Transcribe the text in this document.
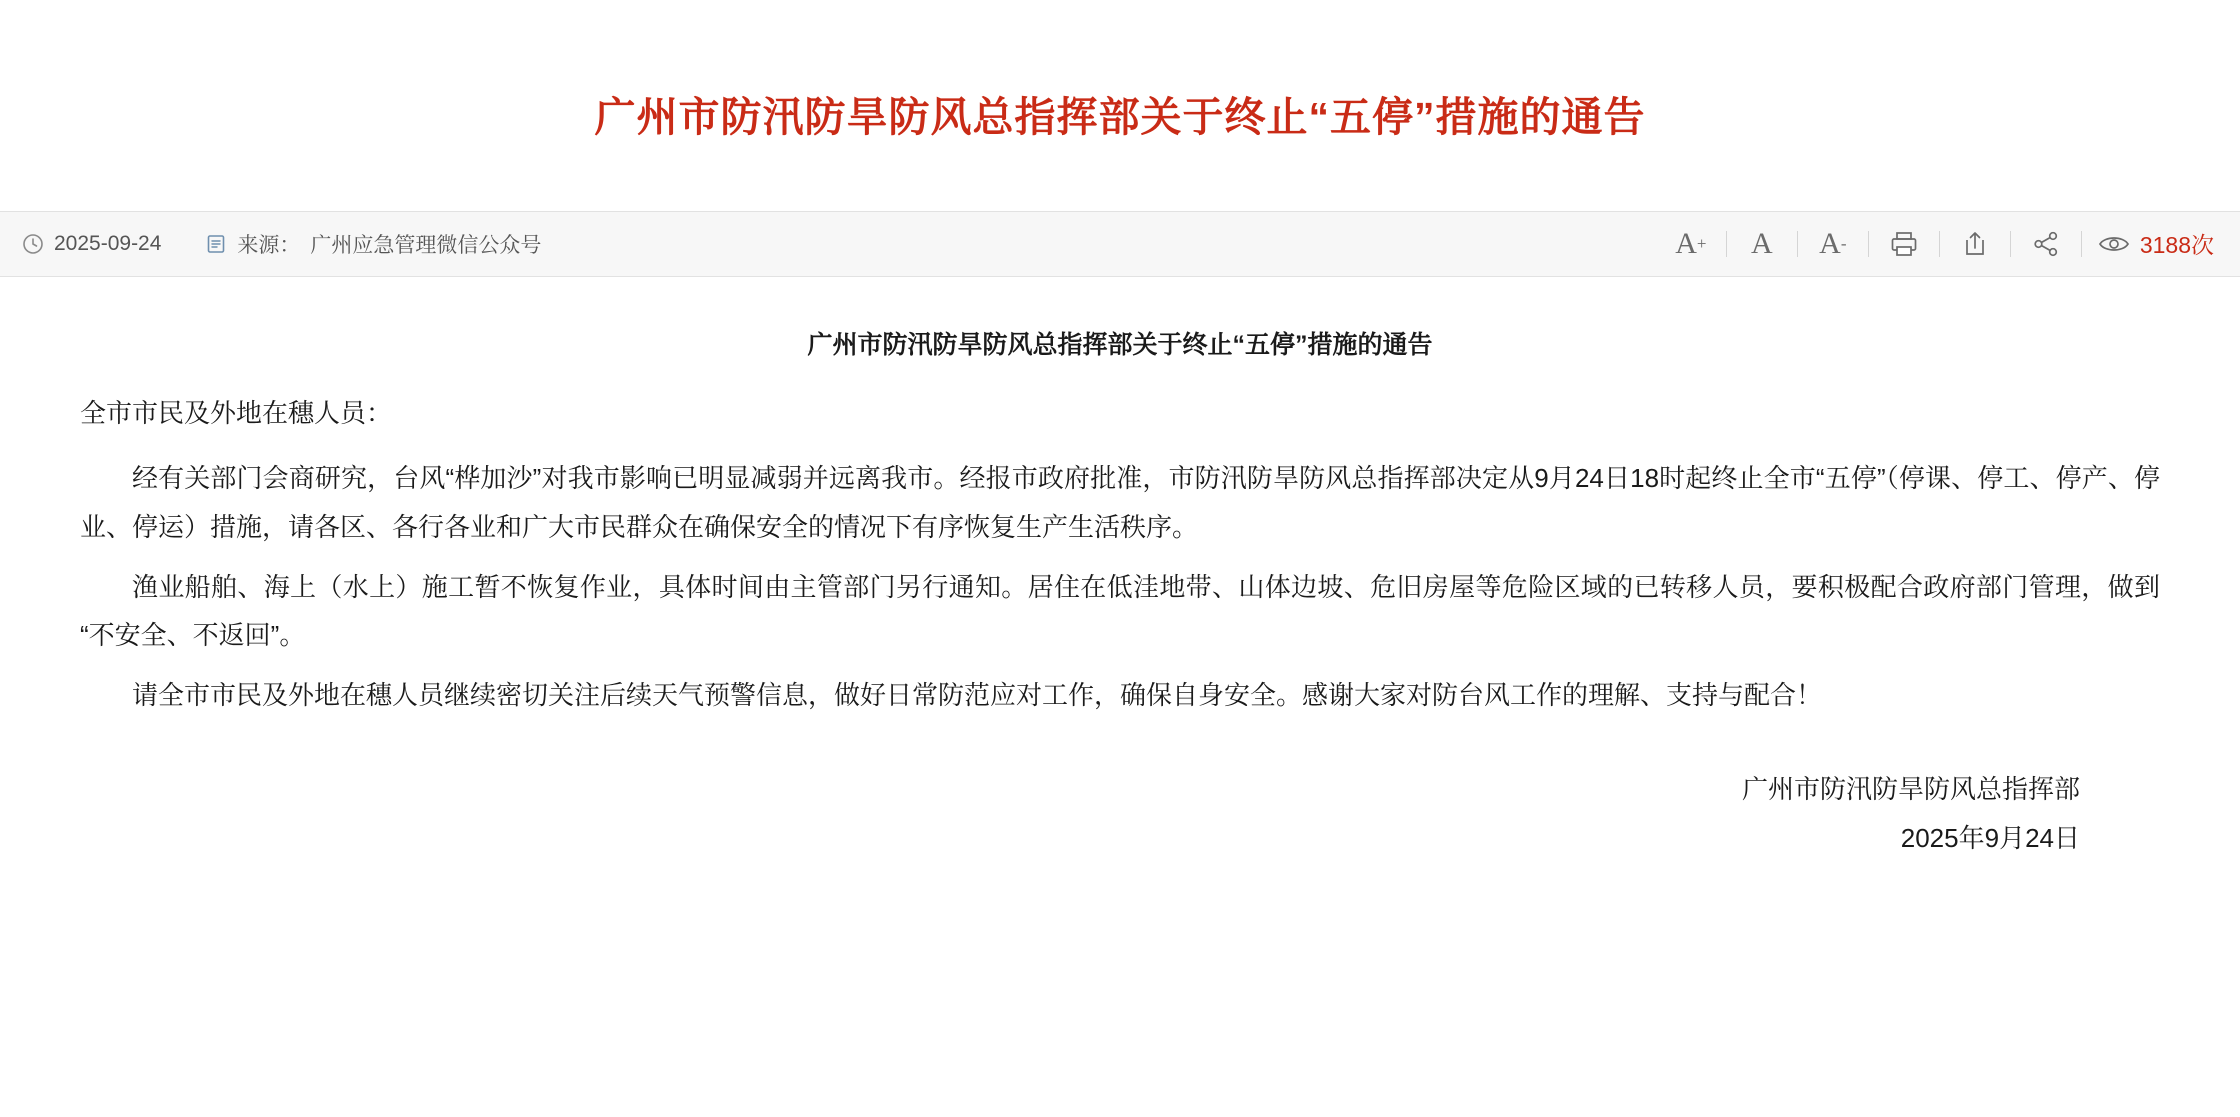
广州市防汛防旱防风总指挥部关于终止“五停”措施的通告
2025-09-24	来源： 广州应急管理微信公众号	A + A A -	3188次
广州市防汛防旱防风总指挥部关于终止“五停”措施的通告

全市市民及外地在穗人员：

经有关部门会商研究，台风“桦加沙”对我市影响已明显减弱并远离我市。经报市政府批准，市防汛防旱防风总指挥部决定从9月24日18时起终止全市“五停”（停课、停工、停产、停业、停运）措施，请各区、各行各业和广大市民群众在确保安全的情况下有序恢复生产生活秩序。

渔业船舶、海上（水上）施工暂不恢复作业，具体时间由主管部门另行通知。居住在低洼地带、山体边坡、危旧房屋等危险区域的已转移人员，要积极配合政府部门管理，做到“不安全、不返回”。

请全市市民及外地在穗人员继续密切关注后续天气预警信息，做好日常防范应对工作，确保自身安全。感谢大家对防台风工作的理解、支持与配合！

广州市防汛防旱防风总指挥部
2025年9月24日
